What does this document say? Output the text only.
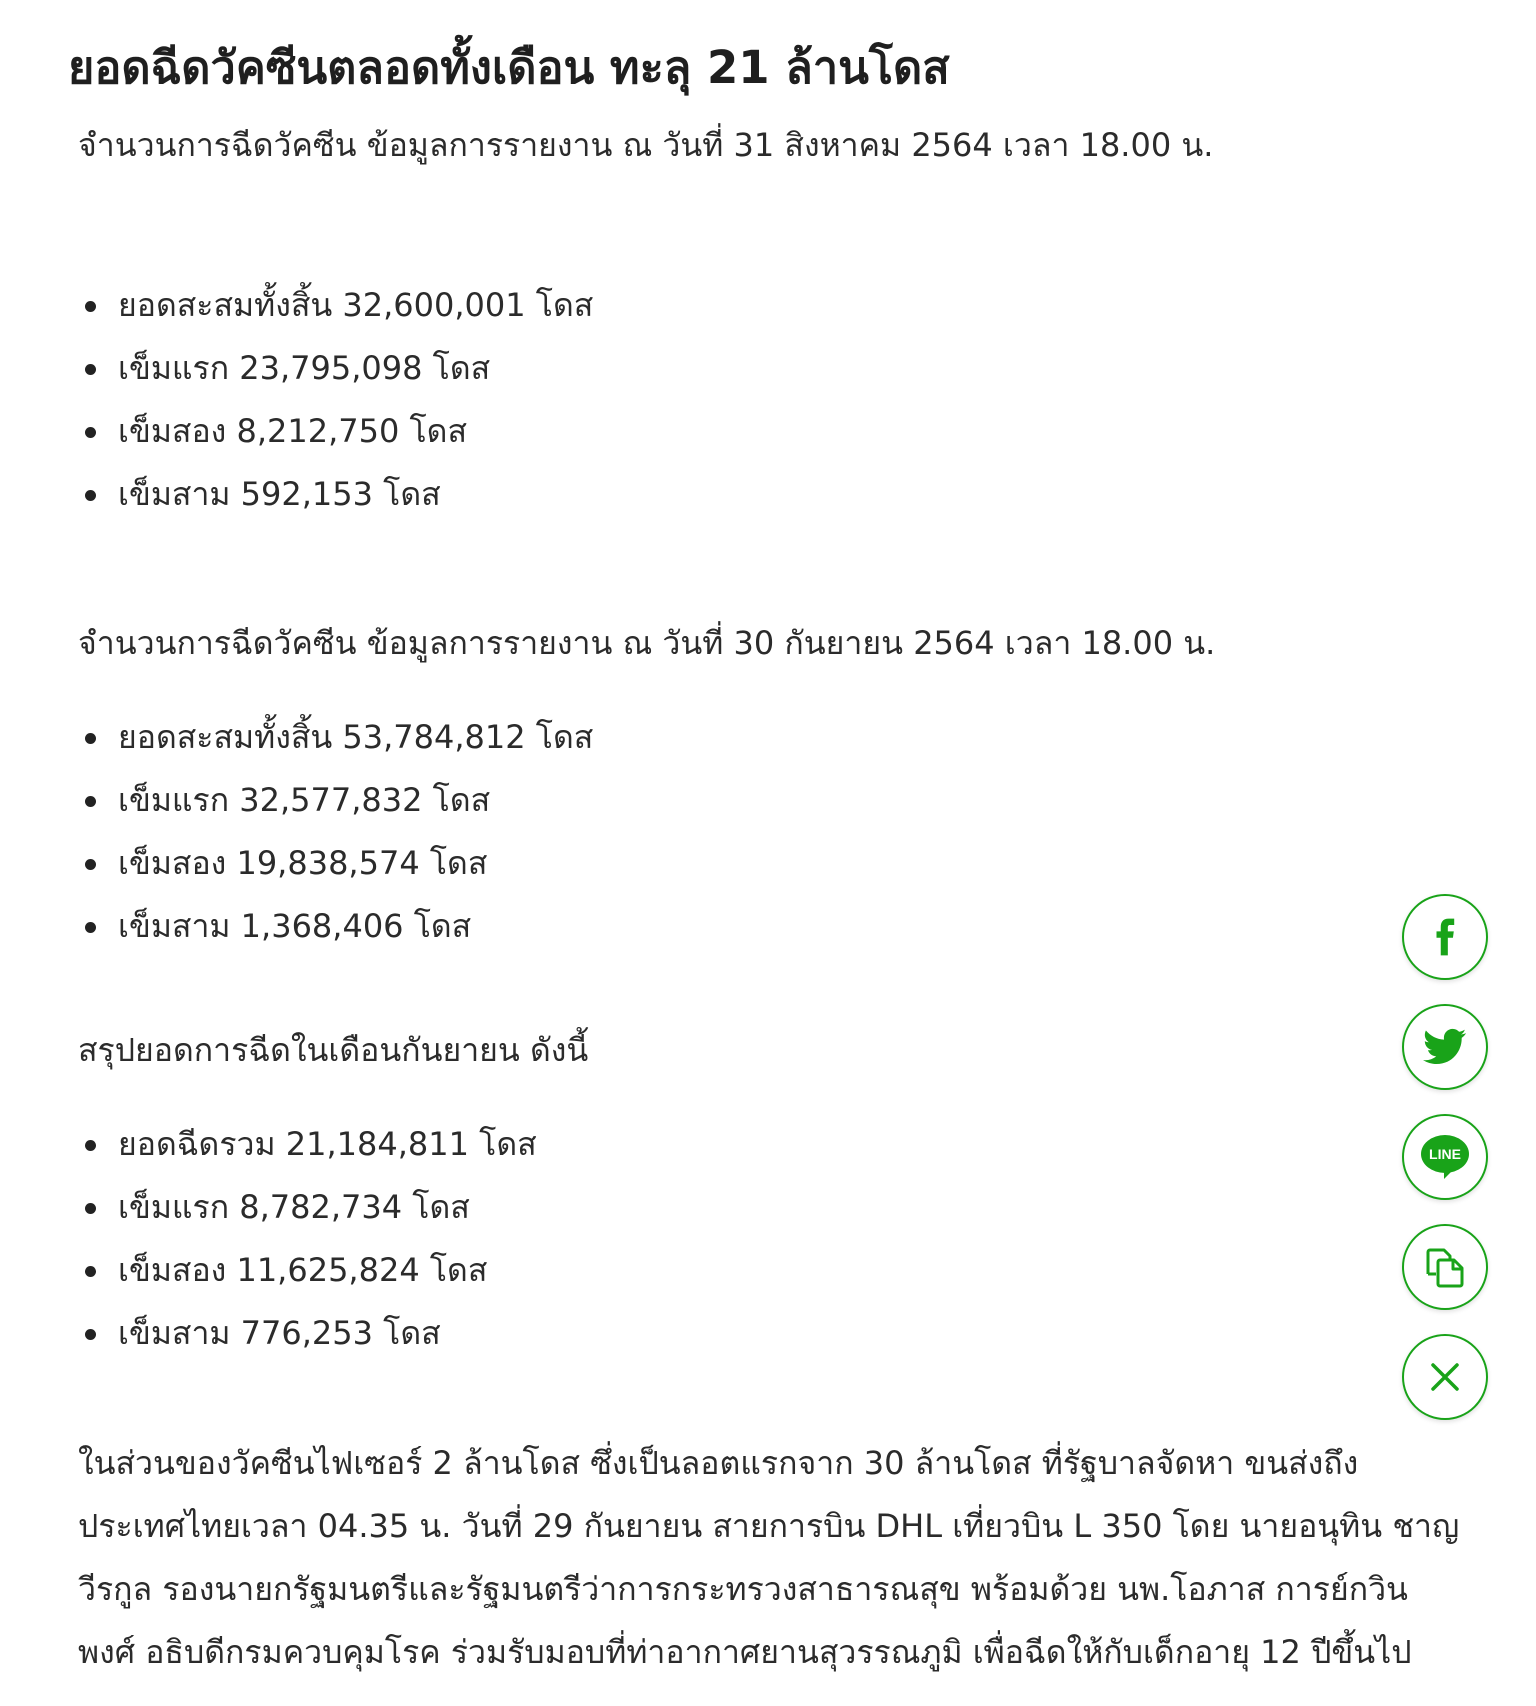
ยอดฉีดวัคซีนตลอดทั้งเดือน ทะลุ 21 ล้านโดส

จำนวนการฉีดวัคซีน ข้อมูลการรายงาน ณ วันที่ 31 สิงหาคม 2564 เวลา 18.00 น.

ยอดสะสมทั้งสิ้น 32,600,001 โดส
เข็มแรก 23,795,098 โดส
เข็มสอง 8,212,750 โดส
เข็มสาม 592,153 โดส

จำนวนการฉีดวัคซีน ข้อมูลการรายงาน ณ วันที่ 30 กันยายน 2564 เวลา 18.00 น.

ยอดสะสมทั้งสิ้น 53,784,812 โดส
เข็มแรก 32,577,832 โดส
เข็มสอง 19,838,574 โดส
เข็มสาม 1,368,406 โดส

สรุปยอดการฉีดในเดือนกันยายน ดังนี้

ยอดฉีดรวม 21,184,811 โดส
เข็มแรก 8,782,734 โดส
เข็มสอง 11,625,824 โดส
เข็มสาม 776,253 โดส
ในส่วนของวัคซีนไฟเซอร์ 2 ล้านโดส ซึ่งเป็นลอตแรกจาก 30 ล้านโดส ที่รัฐบาลจัดหา ขนส่งถึง
ประเทศไทยเวลา 04.35 น. วันที่ 29 กันยายน สายการบิน DHL เที่ยวบิน L 350 โดย นายอนุทิน ชาญ
วีรกูล รองนายกรัฐมนตรีและรัฐมนตรีว่าการกระทรวงสาธารณสุข พร้อมด้วย นพ.โอภาส การย์กวิน
พงศ์ อธิบดีกรมควบคุมโรค ร่วมรับมอบที่ท่าอากาศยานสุวรรณภูมิ เพื่อฉีดให้กับเด็กอายุ 12 ปีขึ้นไป
LINE
